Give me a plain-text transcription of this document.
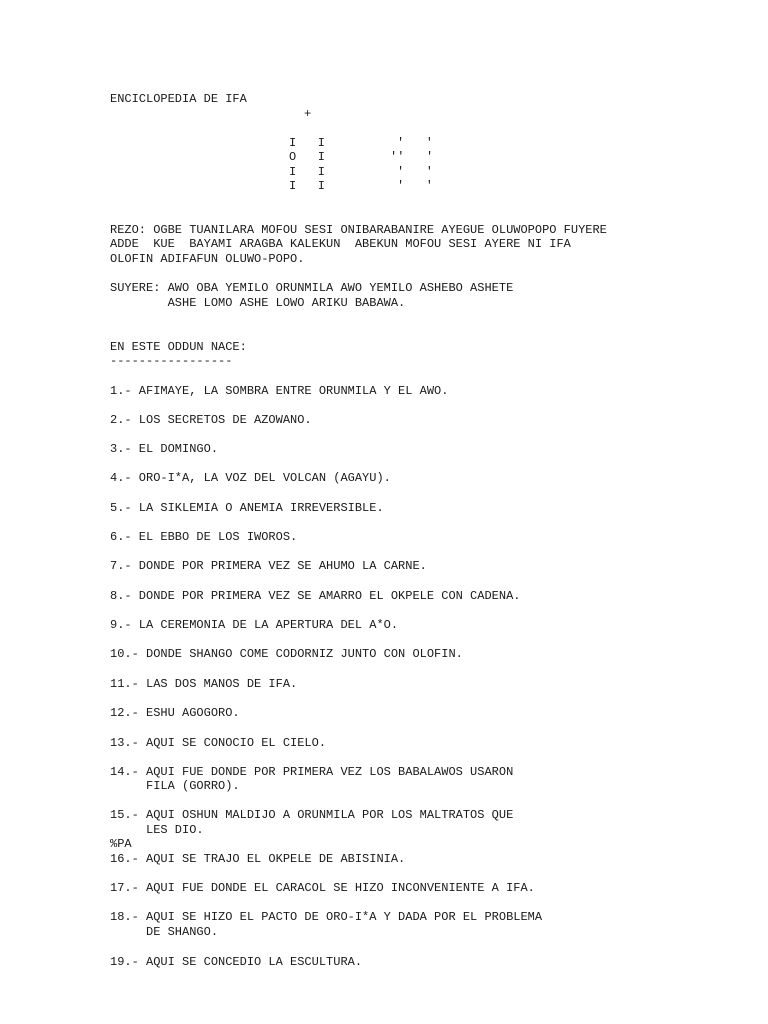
ENCICLOPEDIA DE IFA

+

I   I	'   '

O   I	''   '

I   I	'   '

I   I	'   '

REZO: OGBE TUANILARA MOFOU SESI ONIBARABANIRE AYEGUE OLUWOPOPO FUYERE

ADDE  KUE  BAYAMI ARAGBA KALEKUN  ABEKUN MOFOU SESI AYERE NI IFA

OLOFIN ADIFAFUN OLUWO-POPO.

SUYERE: AWO OBA YEMILO ORUNMILA AWO YEMILO ASHEBO ASHETE

ASHE LOMO ASHE LOWO ARIKU BABAWA.

EN ESTE ODDUN NACE:

-----------------

1.- AFIMAYE, LA SOMBRA ENTRE ORUNMILA Y EL AWO.

2.- LOS SECRETOS DE AZOWANO.

3.- EL DOMINGO.

4.- ORO-I*A, LA VOZ DEL VOLCAN (AGAYU).

5.- LA SIKLEMIA O ANEMIA IRREVERSIBLE.

6.- EL EBBO DE LOS IWOROS.

7.- DONDE POR PRIMERA VEZ SE AHUMO LA CARNE.

8.- DONDE POR PRIMERA VEZ SE AMARRO EL OKPELE CON CADENA.

9.- LA CEREMONIA DE LA APERTURA DEL A*O.

10.- DONDE SHANGO COME CODORNIZ JUNTO CON OLOFIN.

11.- LAS DOS MANOS DE IFA.

12.- ESHU AGOGORO.

13.- AQUI SE CONOCIO EL CIELO.

14.- AQUI FUE DONDE POR PRIMERA VEZ LOS BABALAWOS USARON

FILA (GORRO).

15.- AQUI OSHUN MALDIJO A ORUNMILA POR LOS MALTRATOS QUE

LES DIO.

%PA

16.- AQUI SE TRAJO EL OKPELE DE ABISINIA.

17.- AQUI FUE DONDE EL CARACOL SE HIZO INCONVENIENTE A IFA.

18.- AQUI SE HIZO EL PACTO DE ORO-I*A Y DADA POR EL PROBLEMA

DE SHANGO.

19.- AQUI SE CONCEDIO LA ESCULTURA.
